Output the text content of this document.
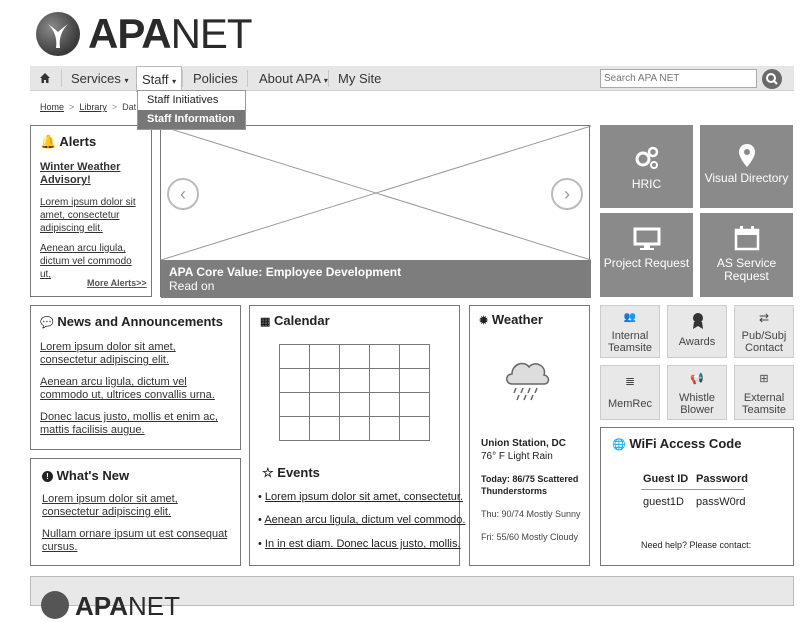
APANET
Services ▾	Staff ▾	Policies About APA ▾ My Site
Search APA NET
Home  >  Library  >  Dat
🔔 Alerts
Winter Weather Advisory!
Lorem ipsum dolor sit amet, consectetur adipiscing elit.
Aenean arcu ligula, dictum vel commodo ut,
More Alerts>>
‹	›
APA Core Value: Employee Development
Read on
Staff Initiatives
Staff Information
HRIC	Visual Directory
Project Request	AS Service Request
👥
Internal Teamsite	Awards
⇄
Pub/Subj Contact
≣
MemRec
📢
Whistle Blower
⊞
External Teamsite
💬 News and Announcements
Lorem ipsum dolor sit amet, consectetur adipiscing elit.
Aenean arcu ligula, dictum vel commodo ut, ultrices convallis urna.
Donec lacus justo, mollis et enim ac, mattis facilisis augue.
! What's New
Lorem ipsum dolor sit amet, consectetur adipiscing elit.
Nullam ornare ipsum ut est consequat cursus.
▦ Calendar

☆ Events
• Lorem ipsum dolor sit amet, consectetur.
• Aenean arcu ligula, dictum vel commodo.
• In in est diam. Donec lacus justo, mollis.
✹ Weather
Union Station, DC
76° F Light Rain
Today: 86/75 Scattered Thunderstorms
Thu: 90/74 Mostly Sunny
Fri: 55/60 Mostly Cloudy
🌐 WiFi Access Code
Guest ID Password
guest1D passW0rd
Need help? Please contact:
APANET
